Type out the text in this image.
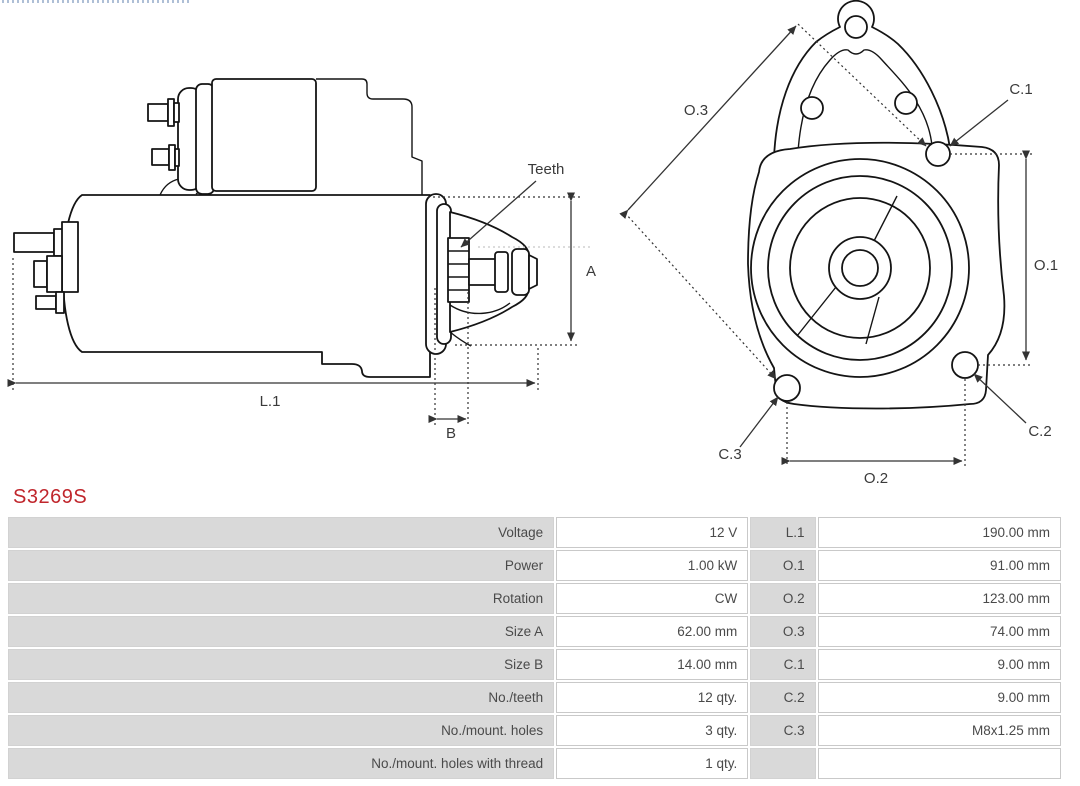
Teeth
A
L.1
B
O.3
C.1
O.1
C.2
C.3
O.2
S3269S
Voltage	12 V	L.1	190.00 mm
Power	1.00 kW	O.1	91.00 mm
Rotation	CW	O.2	123.00 mm
Size A	62.00 mm	O.3	74.00 mm
Size B	14.00 mm	C.1	9.00 mm
No./teeth	12 qty.	C.2	9.00 mm
No./mount. holes	3 qty.	C.3	M8x1.25 mm
No./mount. holes with thread	1 qty.		
